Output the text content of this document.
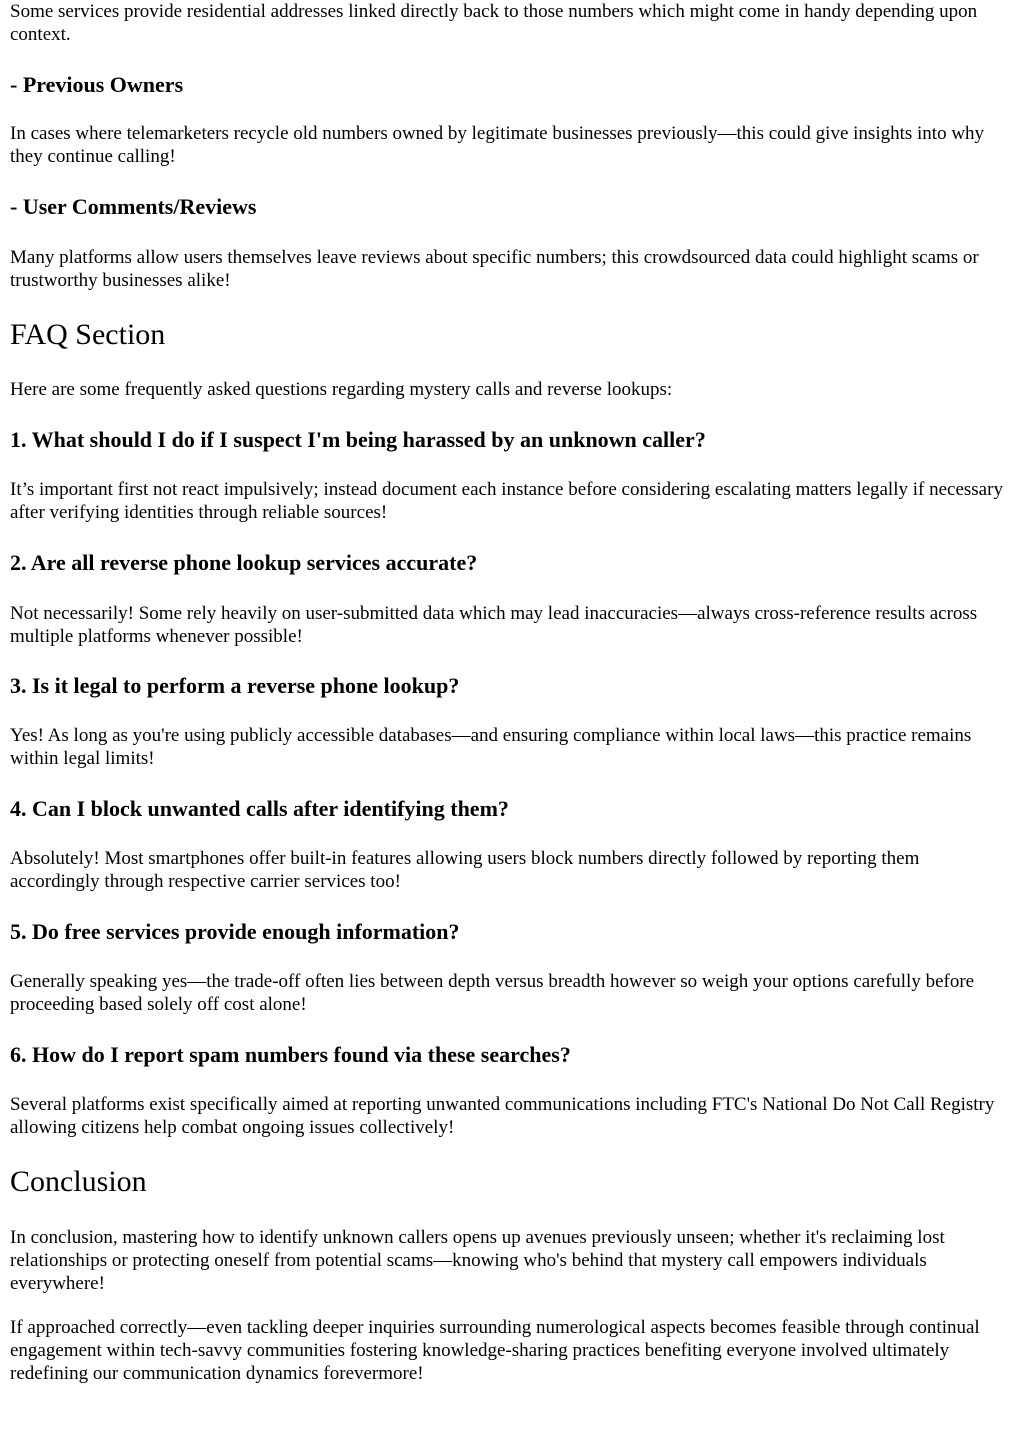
Some services provide residential addresses linked directly back to those numbers which might come in handy depending upon context.

- Previous Owners

In cases where telemarketers recycle old numbers owned by legitimate businesses previously—this could give insights into why they continue calling!

- User Comments/Reviews

Many platforms allow users themselves leave reviews about specific numbers; this crowdsourced data could highlight scams or trustworthy businesses alike!

FAQ Section

Here are some frequently asked questions regarding mystery calls and reverse lookups:

1. What should I do if I suspect I'm being harassed by an unknown caller?

It’s important first not react impulsively; instead document each instance before considering escalating matters legally if necessary after verifying identities through reliable sources!

2. Are all reverse phone lookup services accurate?

Not necessarily! Some rely heavily on user-submitted data which may lead inaccuracies—always cross-reference results across multiple platforms whenever possible!

3. Is it legal to perform a reverse phone lookup?

Yes! As long as you're using publicly accessible databases—and ensuring compliance within local laws—this practice remains within legal limits!

4. Can I block unwanted calls after identifying them?

Absolutely! Most smartphones offer built-in features allowing users block numbers directly followed by reporting them accordingly through respective carrier services too!

5. Do free services provide enough information?

Generally speaking yes—the trade-off often lies between depth versus breadth however so weigh your options carefully before proceeding based solely off cost alone!

6. How do I report spam numbers found via these searches?

Several platforms exist specifically aimed at reporting unwanted communications including FTC's National Do Not Call Registry allowing citizens help combat ongoing issues collectively!

Conclusion

In conclusion, mastering how to identify unknown callers opens up avenues previously unseen; whether it's reclaiming lost relationships or protecting oneself from potential scams—knowing who's behind that mystery call empowers individuals everywhere!

If approached correctly—even tackling deeper inquiries surrounding numerological aspects becomes feasible through continual engagement within tech-savvy communities fostering knowledge-sharing practices benefiting everyone involved ultimately redefining our communication dynamics forevermore!
